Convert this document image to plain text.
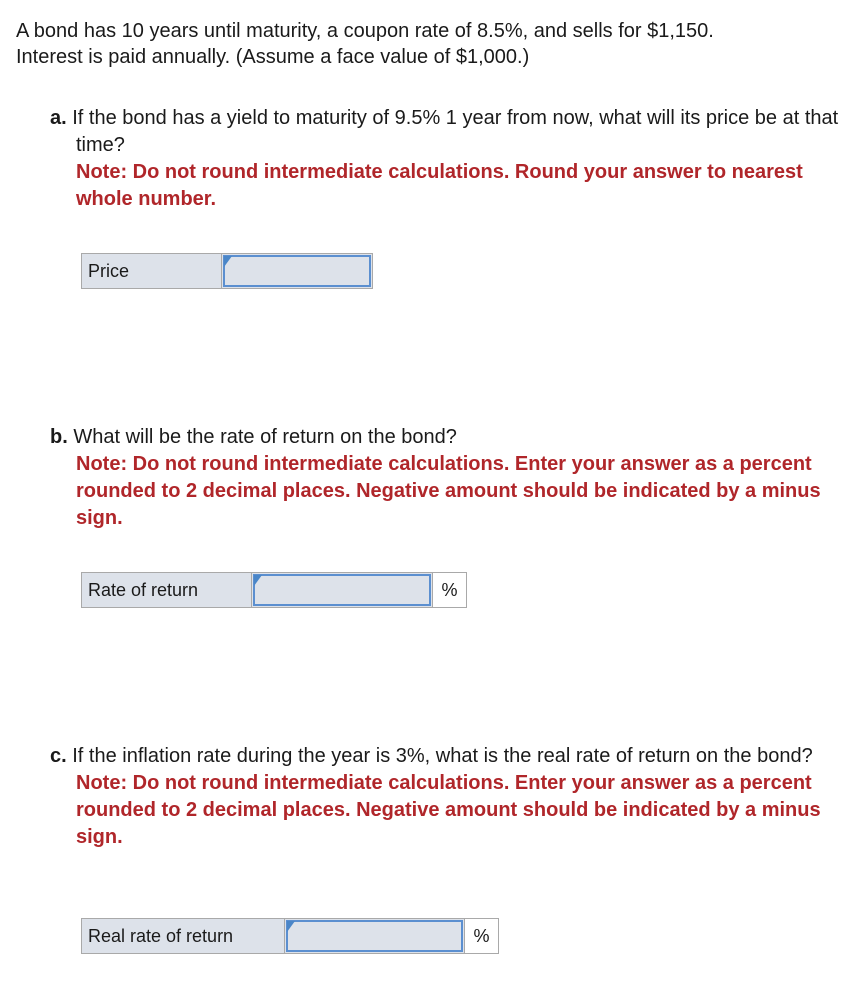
A bond has 10 years until maturity, a coupon rate of 8.5%, and sells for $1,150.

Interest is paid annually. (Assume a face value of $1,000.)

a. If the bond has a yield to maturity of 9.5% 1 year from now, what will its price be at that time?

Note: Do not round intermediate calculations. Round your answer to nearest whole number.

Price

b. What will be the rate of return on the bond?

Note: Do not round intermediate calculations. Enter your answer as a percent rounded to 2 decimal places. Negative amount should be indicated by a minus sign.

Rate of return	%

c. If the inflation rate during the year is 3%, what is the real rate of return on the bond?

Note: Do not round intermediate calculations. Enter your answer as a percent rounded to 2 decimal places. Negative amount should be indicated by a minus sign.

Real rate of return	%
